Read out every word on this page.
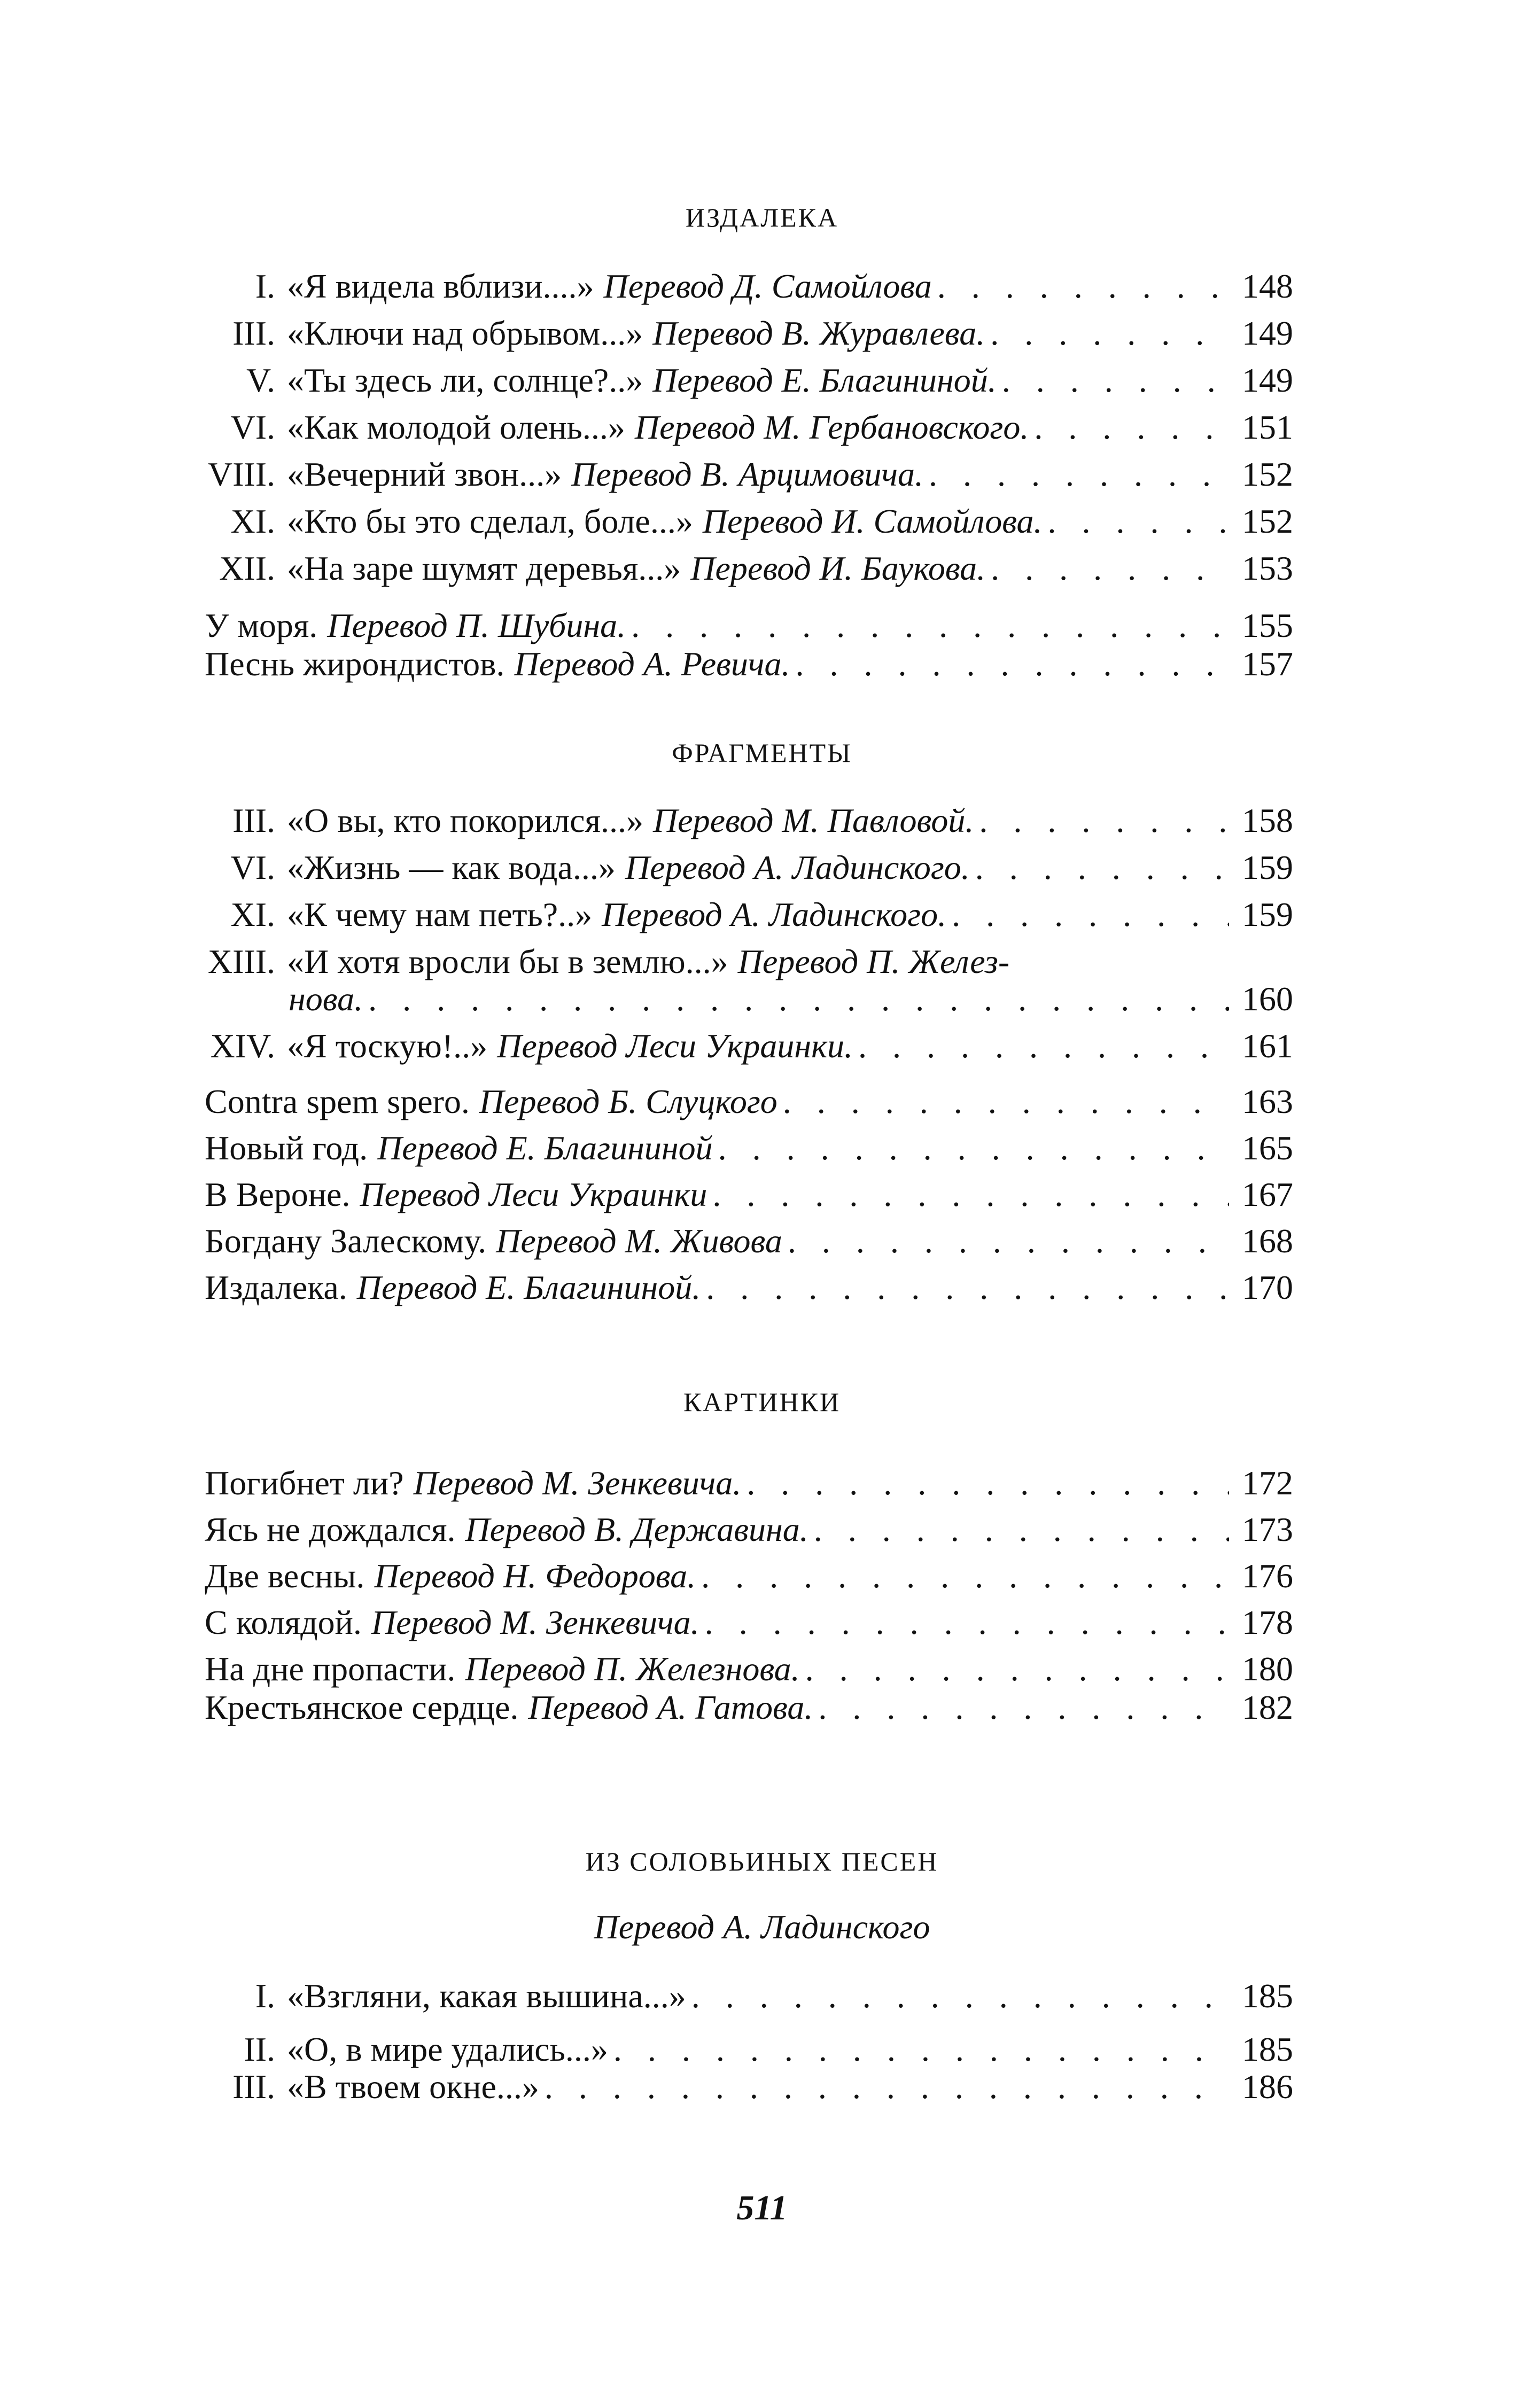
ИЗДАЛЕКА
I. «Я видела вблизи....» Перевод Д. Самойлова . . .	148
III. «Ключи над обрывом...» Перевод В. Журавлева. . . .	149
V. «Ты здесь ли, солнце?..» Перевод Е. Благининой. . . .	149
VI. «Как молодой олень...» Перевод М. Гербановского. . . .	151
VIII. «Вечерний звон...» Перевод В. Арцимовича. . . .	152
XI. «Кто бы это сделал, боле...» Перевод И. Самойлова. . . .	152
XII. «На заре шумят деревья...» Перевод И. Баукова. . . .	153
У моря. Перевод П. Шубина. . . .	155
Песнь жирондистов. Перевод А. Ревича. . . .	157
ФРАГМЕНТЫ
III. «О вы, кто покорился...» Перевод М. Павловой. . . .	158
VI. «Жизнь — как вода...» Перевод А. Ладинского. . . .	159
XI. «К чему нам петь?..» Перевод А. Ладинского. . . .	159
XIII. «И хотя вросли бы в землю...» Перевод П. Желез-
нова. . . .	160
XIV. «Я тоскую!..» Перевод Леси Украинки. . . .	161
Contra spem spero. Перевод Б. Слуцкого . . .	163
Новый год. Перевод Е. Благининой . . .	165
В Вероне. Перевод Леси Украинки . . .	167
Богдану Залескому. Перевод М. Живова . . .	168
Издалека. Перевод Е. Благининой. . . .	170
КАРТИНКИ
Погибнет ли? Перевод М. Зенкевича. . . .	172
Ясь не дождался. Перевод В. Державина. . . .	173
Две весны. Перевод Н. Федорова. . . .	176
С колядой. Перевод М. Зенкевича. . . .	178
На дне пропасти. Перевод П. Железнова. . . .	180
Крестьянское сердце. Перевод А. Гатова. . . .	182
ИЗ СОЛОВЬИНЫХ ПЕСЕН
Перевод А. Ладинского
I. «Взгляни, какая вышина...» . . .	185
II. «О, в мире удались...» . . .	185
III. «В твоем окне...» . . .	186
511
